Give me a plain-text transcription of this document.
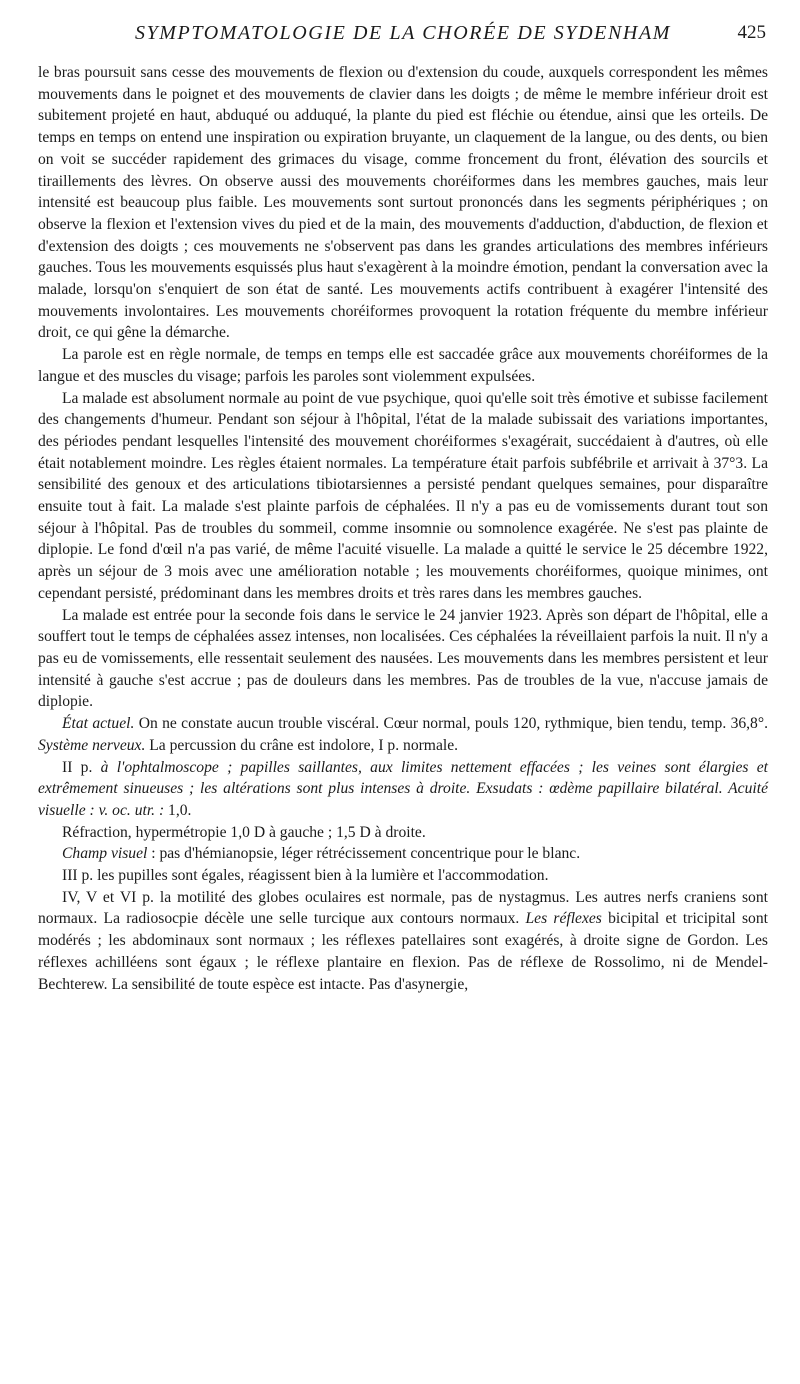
SYMPTOMATOLOGIE DE LA CHORÉE DE SYDENHAM	425

le bras poursuit sans cesse des mouvements de flexion ou d'extension du coude, auxquels correspondent les mêmes mouvements dans le poignet et des mouvements de clavier dans les doigts ; de même le membre inférieur droit est subitement projeté en haut, abduqué ou adduqué, la plante du pied est fléchie ou étendue, ainsi que les orteils. De temps en temps on entend une inspiration ou expiration bruyante, un claquement de la langue, ou des dents, ou bien on voit se succéder rapidement des grimaces du visage, comme froncement du front, élévation des sourcils et tiraillements des lèvres. On observe aussi des mouvements choréiformes dans les membres gauches, mais leur intensité est beaucoup plus faible. Les mouvements sont surtout prononcés dans les segments périphériques ; on observe la flexion et l'extension vives du pied et de la main, des mouvements d'adduction, d'abduction, de flexion et d'extension des doigts ; ces mouvements ne s'observent pas dans les grandes articulations des membres inférieurs gauches. Tous les mouvements esquissés plus haut s'exagèrent à la moindre émotion, pendant la conversation avec la malade, lorsqu'on s'enquiert de son état de santé. Les mouvements actifs contribuent à exagérer l'intensité des mouvements involontaires. Les mouvements choréiformes provoquent la rotation fréquente du membre inférieur droit, ce qui gêne la démarche.

La parole est en règle normale, de temps en temps elle est saccadée grâce aux mouvements choréiformes de la langue et des muscles du visage; parfois les paroles sont violemment expulsées.

La malade est absolument normale au point de vue psychique, quoi qu'elle soit très émotive et subisse facilement des changements d'humeur. Pendant son séjour à l'hôpital, l'état de la malade subissait des variations importantes, des périodes pendant lesquelles l'intensité des mouvement choréiformes s'exagérait, succédaient à d'autres, où elle était notablement moindre. Les règles étaient normales. La température était parfois subfébrile et arrivait à 37°3. La sensibilité des genoux et des articulations tibiotarsiennes a persisté pendant quelques semaines, pour disparaître ensuite tout à fait. La malade s'est plainte parfois de céphalées. Il n'y a pas eu de vomissements durant tout son séjour à l'hôpital. Pas de troubles du sommeil, comme insomnie ou somnolence exagérée. Ne s'est pas plainte de diplopie. Le fond d'œil n'a pas varié, de même l'acuité visuelle. La malade a quitté le service le 25 décembre 1922, après un séjour de 3 mois avec une amélioration notable ; les mouvements choréiformes, quoique minimes, ont cependant persisté, prédominant dans les membres droits et très rares dans les membres gauches.

La malade est entrée pour la seconde fois dans le service le 24 janvier 1923. Après son départ de l'hôpital, elle a souffert tout le temps de céphalées assez intenses, non localisées. Ces céphalées la réveillaient parfois la nuit. Il n'y a pas eu de vomissements, elle ressentait seulement des nausées. Les mouvements dans les membres persistent et leur intensité à gauche s'est accrue ; pas de douleurs dans les membres. Pas de troubles de la vue, n'accuse jamais de diplopie.

État actuel. On ne constate aucun trouble viscéral. Cœur normal, pouls 120, rythmique, bien tendu, temp. 36,8°. Système nerveux. La percussion du crâne est indolore, I p. normale.

II p. à l'ophtalmoscope ; papilles saillantes, aux limites nettement effacées ; les veines sont élargies et extrêmement sinueuses ; les altérations sont plus intenses à droite. Exsudats : œdème papillaire bilatéral. Acuité visuelle : v. oc. utr. : 1,0.

Réfraction, hypermétropie 1,0 D à gauche ; 1,5 D à droite.

Champ visuel : pas d'hémianopsie, léger rétrécissement concentrique pour le blanc.

III p. les pupilles sont égales, réagissent bien à la lumière et l'accommodation.

IV, V et VI p. la motilité des globes oculaires est normale, pas de nystagmus. Les autres nerfs craniens sont normaux. La radiosocpie décèle une selle turcique aux contours normaux. Les réflexes bicipital et tricipital sont modérés ; les abdominaux sont normaux ; les réflexes patellaires sont exagérés, à droite signe de Gordon. Les réflexes achilléens sont égaux ; le réflexe plantaire en flexion. Pas de réflexe de Rossolimo, ni de Mendel-Bechterew. La sensibilité de toute espèce est intacte. Pas d'asynergie,
